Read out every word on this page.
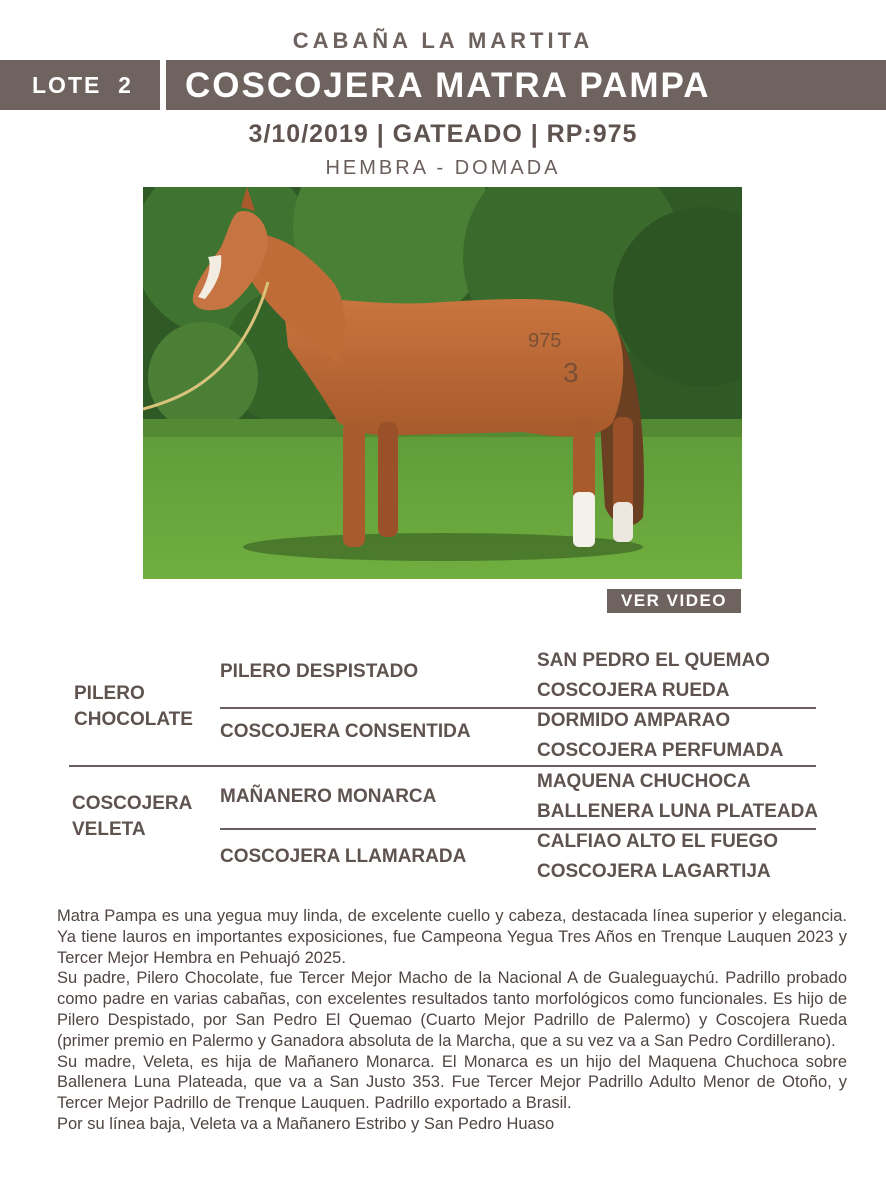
CABAÑA LA MARTITA
LOTE  2 COSCOJERA MATRA PAMPA
3/10/2019 | GATEADO | RP:975
HEMBRA - DOMADA
975
3
VER VIDEO
PILERO
CHOCOLATE
COSCOJERA
VELETA
PILERO DESPISTADO
COSCOJERA CONSENTIDA
MAÑANERO MONARCA
COSCOJERA LLAMARADA
SAN PEDRO EL QUEMAO
COSCOJERA RUEDA
DORMIDO AMPARAO
COSCOJERA PERFUMADA
MAQUENA CHUCHOCA
BALLENERA LUNA PLATEADA
CALFIAO ALTO EL FUEGO
COSCOJERA LAGARTIJA

Matra Pampa es una yegua muy linda, de excelente cuello y cabeza, destacada línea superior y elegancia. Ya tiene lauros en importantes exposiciones, fue Campeona Yegua Tres Años en Trenque Lauquen 2023 y Tercer Mejor Hembra en Pehuajó 2025.

Su padre, Pilero Chocolate, fue Tercer Mejor Macho de la Nacional A de Gualeguaychú. Padrillo probado como padre en varias cabañas, con excelentes resultados tanto morfológicos como funcionales. Es hijo de Pilero Despistado, por San Pedro El Quemao (Cuarto Mejor Padrillo de Palermo) y Coscojera Rueda (primer premio en Palermo y Ganadora absoluta de la Marcha, que a su vez va a San Pedro Cordillerano).

Su madre, Veleta, es hija de Mañanero Monarca. El Monarca es un hijo del Maquena Chuchoca sobre Ballenera Luna Plateada, que va a San Justo 353. Fue Tercer Mejor Padrillo Adulto Menor de Otoño, y Tercer Mejor Padrillo de Trenque Lauquen. Padrillo exportado a Brasil.

Por su línea baja, Veleta va a Mañanero Estribo y San Pedro Huaso
